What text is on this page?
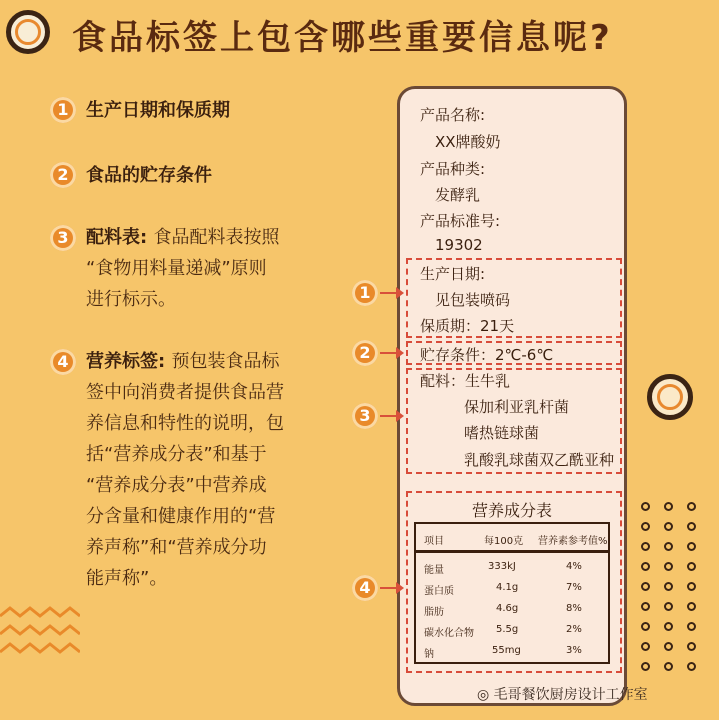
食品标签上包含哪些重要信息呢?
1 生产日期和保质期
2 食品的贮存条件
3 配料表: 食品配料表按照
“食物用料量递减”原则
进行标示。
4 营养标签: 预包装食品标
签中向消费者提供食品营
养信息和特性的说明，包
括“营养成分表”和基于
“营养成分表”中营养成
分含量和健康作用的“营
养声称”和“营养成分功
能声称”。
产品名称:
XX牌酸奶
产品种类:
发酵乳
产品标准号:
19302
生产日期:
见包装喷码
保质期：21天
贮存条件：2℃-6℃
配料：生牛乳
保加利亚乳杆菌
嗜热链球菌
乳酸乳球菌双乙酰亚种
营养成分表
项目	每100克 营养素参考值%
能量	333kJ	4%
蛋白质	4.1g	7%
脂肪	4.6g	8%
碳水化合物 5.5g	2%
钠	55mg	3%
1
2
3
4
◎ 毛哥餐饮厨房设计工作室
